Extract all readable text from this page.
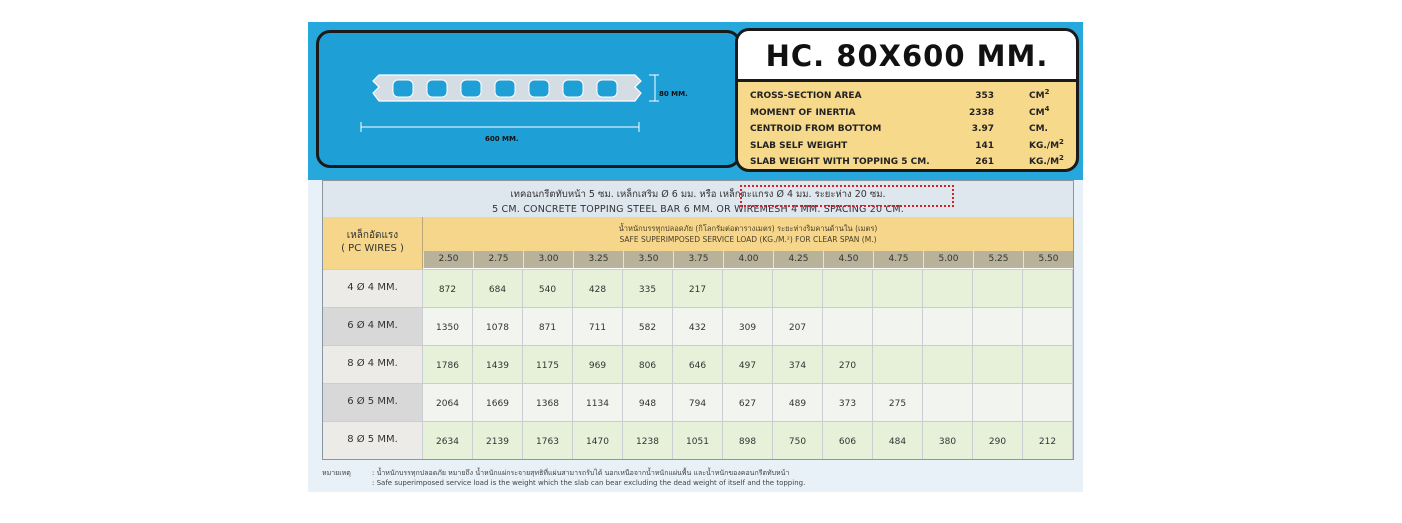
80 MM.
600 MM.
HC. 80X600 MM.
CROSS-SECTION AREA	353	$CM^2$
MOMENT OF INERTIA	2338	$CM^4$
CENTROID FROM BOTTOM	3.97	CM.
SLAB SELF WEIGHT	141	$KG./M^2$
SLAB WEIGHT WITH TOPPING 5 CM.	261	$KG./M^2$
เทคอนกรีตทับหน้า 5 ซม. เหล็กเสริม Ø 6 มม. หรือ เหล็กตะแกรง Ø 4 มม. ระยะห่าง 20 ซม.
5 CM. CONCRETE TOPPING STEEL BAR 6 MM. OR WIREMESH 4 MM. SPACING 20 CM.
เหล็กอัดแรง
( PC WIRES )
น้ำหนักบรรทุกปลอดภัย (กิโลกรัมต่อตารางเมตร) ระยะห่างริมคานด้านใน (เมตร)
SAFE SUPERIMPOSED SERVICE LOAD (KG./M.²) FOR CLEAR SPAN (M.)
2.50	2.75	3.00	3.25	3.50	3.75	4.00	4.25	4.50	4.75	5.00	5.25	5.50
4 Ø 4 MM.	872	684	540	428	335	217
6 Ø 4 MM.	1350	1078	871	711	582	432	309	207
8 Ø 4 MM.	1786	1439	1175	969	806	646	497	374	270
6 Ø 5 MM.	2064	1669	1368	1134	948	794	627	489	373	275
8 Ø 5 MM.	2634	2139	1763	1470	1238	1051	898	750	606	484	380	290	212
หมายเหตุ	: น้ำหนักบรรทุกปลอดภัย หมายถึง น้ำหนักแผ่กระจายสุทธิที่แผ่นสามารถรับได้ นอกเหนือจากน้ำหนักแผ่นพื้น และน้ำหนักของคอนกรีตทับหน้า
: Safe superimposed service load is the weight which the slab can bear excluding the dead weight of itself and the topping.
